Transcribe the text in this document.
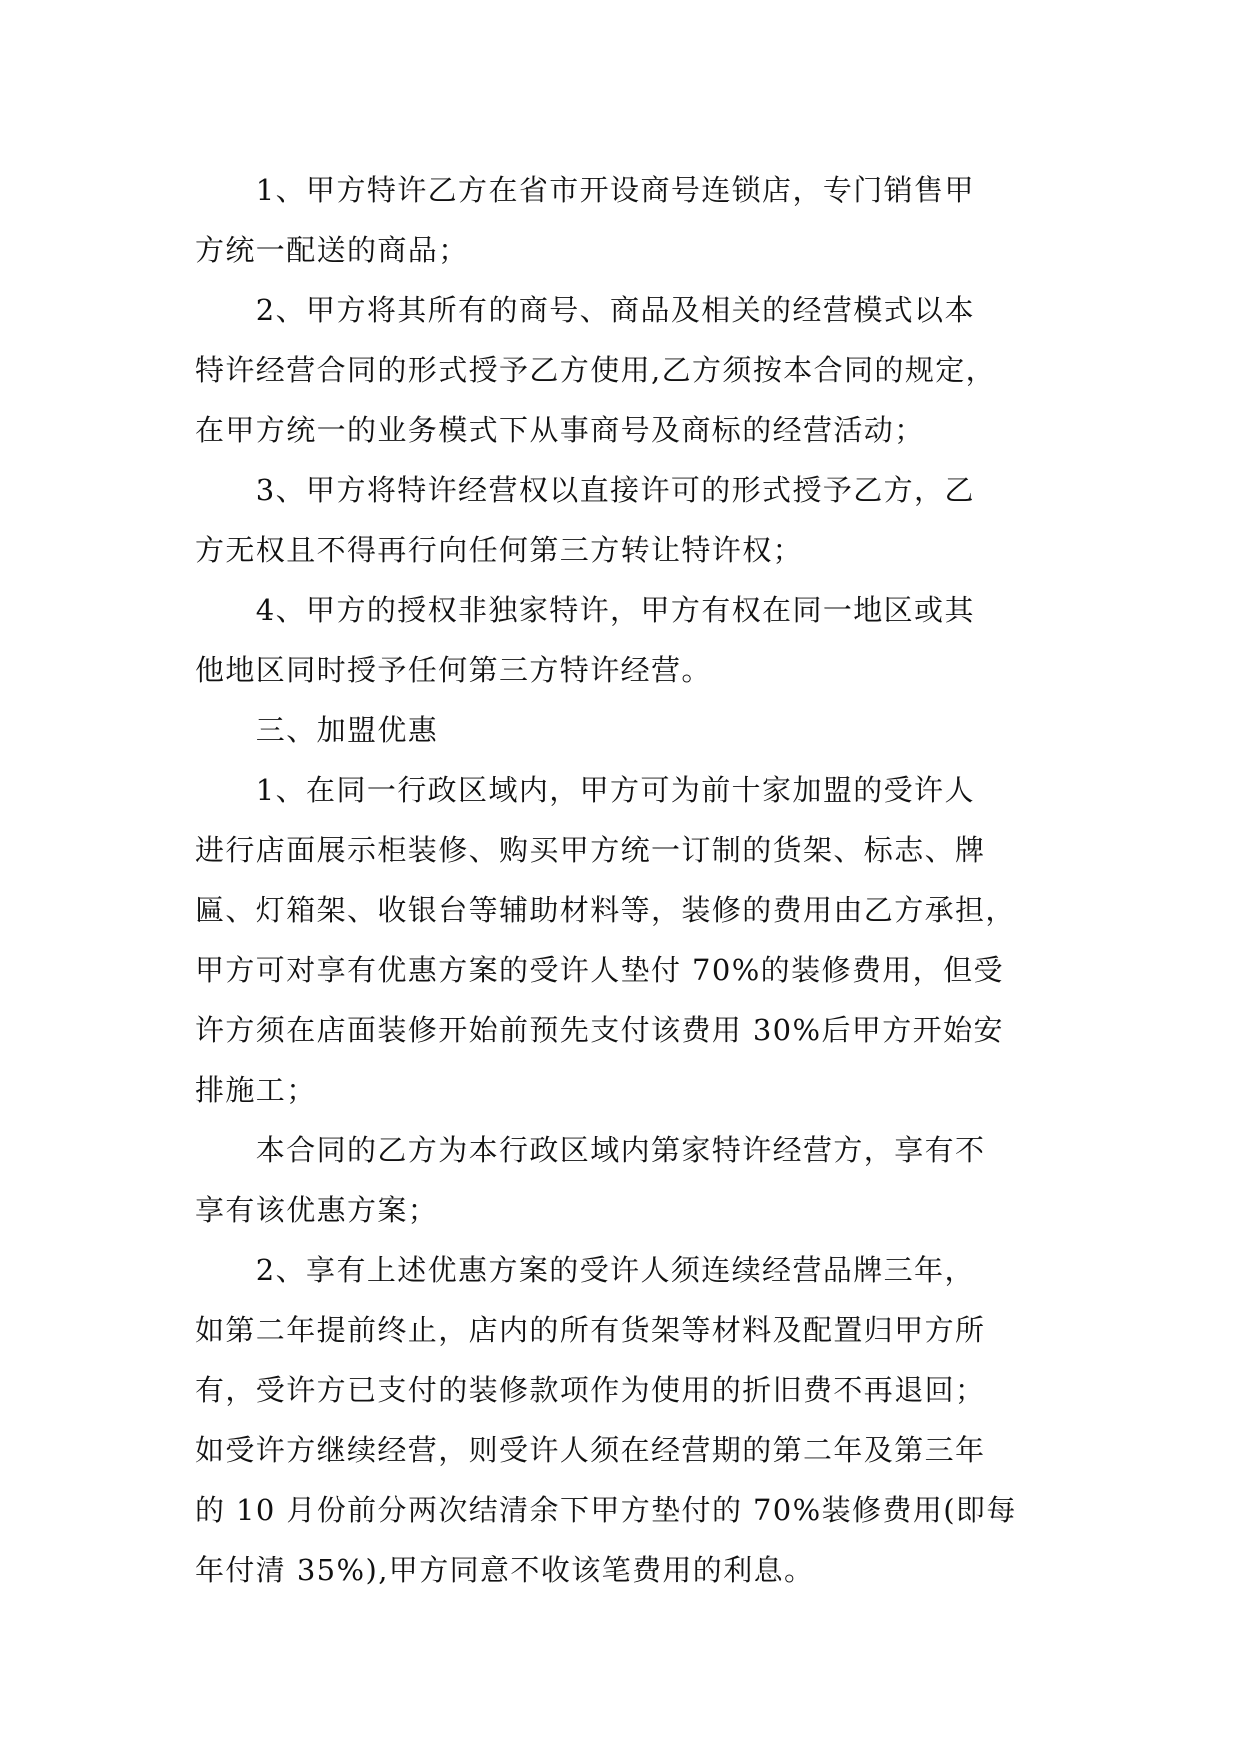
　　1、甲方特许乙方在省市开设商号连锁店，专门销售甲
方统一配送的商品；
　　2、甲方将其所有的商号、商品及相关的经营模式以本
特许经营合同的形式授予乙方使用,乙方须按本合同的规定，
在甲方统一的业务模式下从事商号及商标的经营活动；
　　3、甲方将特许经营权以直接许可的形式授予乙方，乙
方无权且不得再行向任何第三方转让特许权；
　　4、甲方的授权非独家特许，甲方有权在同一地区或其
他地区同时授予任何第三方特许经营。
　　三、加盟优惠
　　1、在同一行政区域内，甲方可为前十家加盟的受许人
进行店面展示柜装修、购买甲方统一订制的货架、标志、牌
匾、灯箱架、收银台等辅助材料等，装修的费用由乙方承担，
甲方可对享有优惠方案的受许人垫付 70%的装修费用，但受
许方须在店面装修开始前预先支付该费用 30%后甲方开始安
排施工；
　　本合同的乙方为本行政区域内第家特许经营方，享有不
享有该优惠方案；
　　2、享有上述优惠方案的受许人须连续经营品牌三年，
如第二年提前终止，店内的所有货架等材料及配置归甲方所
有，受许方已支付的装修款项作为使用的折旧费不再退回；
如受许方继续经营，则受许人须在经营期的第二年及第三年
的 10 月份前分两次结清余下甲方垫付的 70%装修费用(即每
年付清 35%),甲方同意不收该笔费用的利息。
